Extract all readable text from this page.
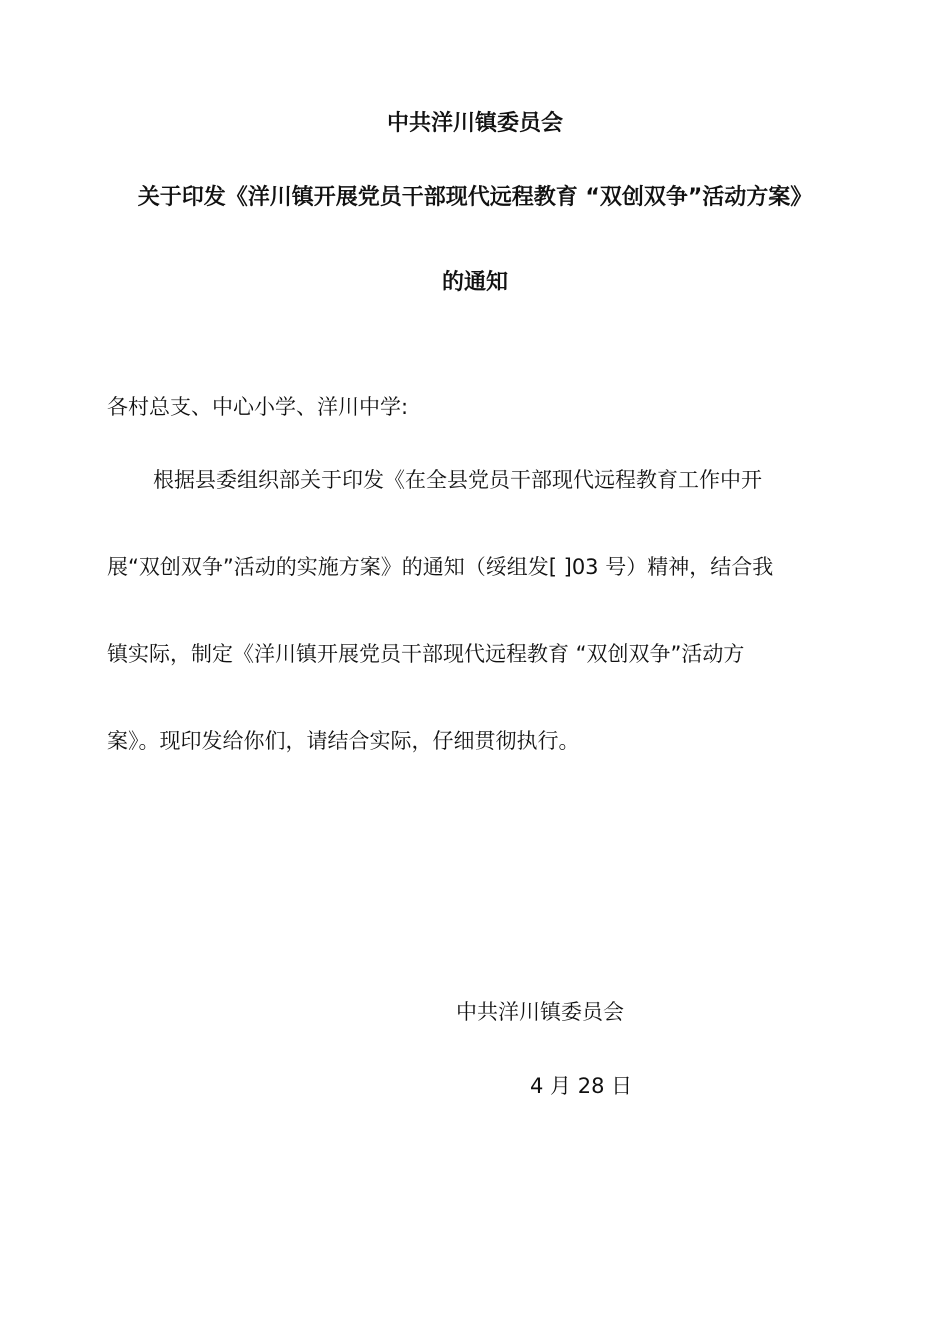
中共洋川镇委员会
关于印发《洋川镇开展党员干部现代远程教育 “双创双争”活动方案》
的通知
各村总支、中心小学、洋川中学:
根据县委组织部关于印发《在全县党员干部现代远程教育工作中开
展“双创双争”活动的实施方案》的通知（绥组发[ ]03 号）精神，结合我
镇实际，制定《洋川镇开展党员干部现代远程教育 “双创双争”活动方
案》。现印发给你们，请结合实际，仔细贯彻执行。
中共洋川镇委员会
4 月 28 日
